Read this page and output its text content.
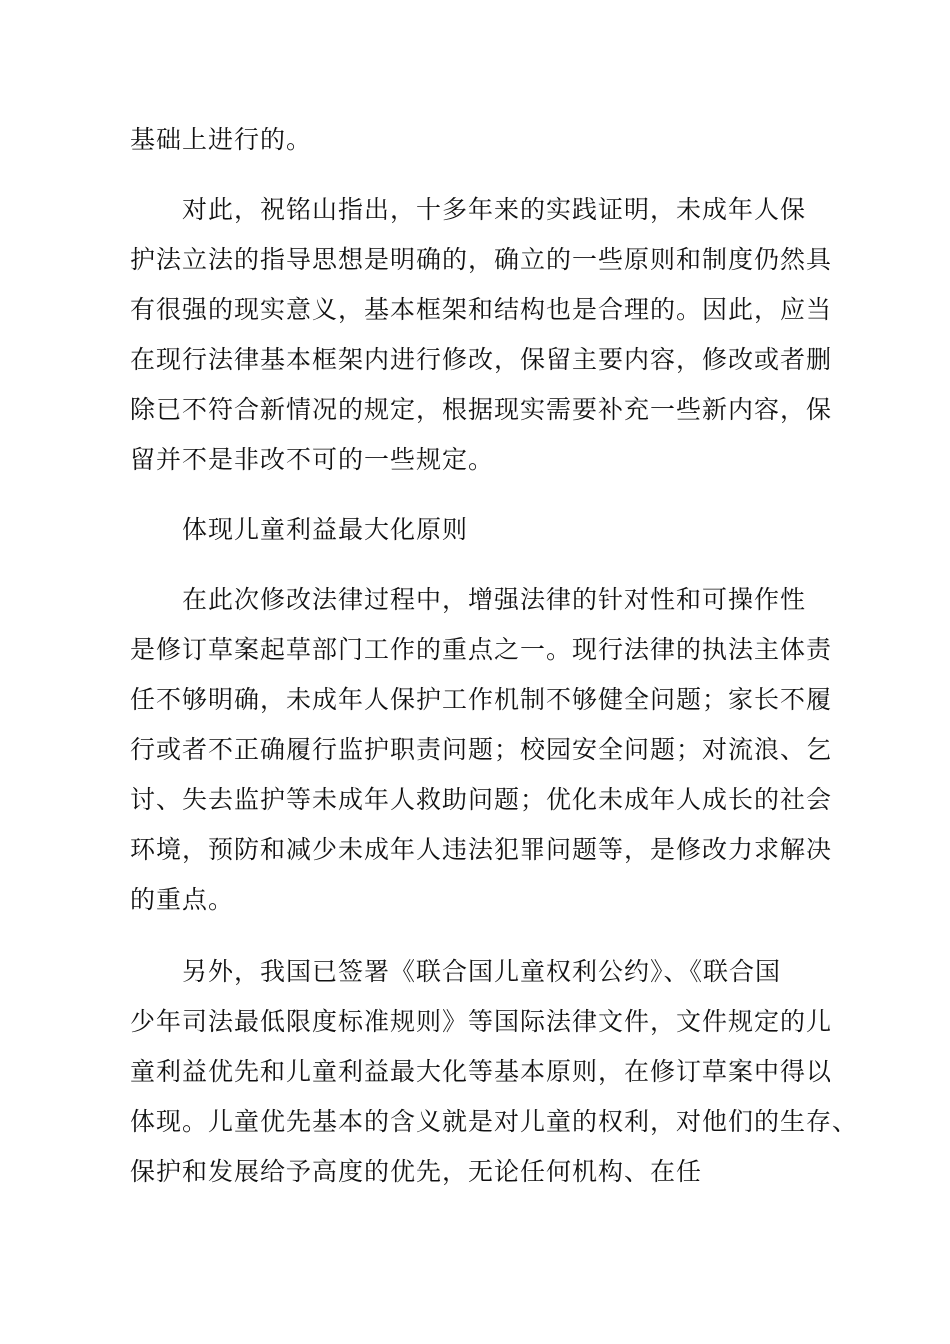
基础上进行的。
对此，祝铭山指出，十多年来的实践证明，未成年人保
护法立法的指导思想是明确的，确立的一些原则和制度仍然具
有很强的现实意义，基本框架和结构也是合理的。因此，应当
在现行法律基本框架内进行修改，保留主要内容，修改或者删
除已不符合新情况的规定，根据现实需要补充一些新内容，保
留并不是非改不可的一些规定。
体现儿童利益最大化原则
在此次修改法律过程中，增强法律的针对性和可操作性
是修订草案起草部门工作的重点之一。现行法律的执法主体责
任不够明确，未成年人保护工作机制不够健全问题；家长不履
行或者不正确履行监护职责问题；校园安全问题；对流浪、乞
讨、失去监护等未成年人救助问题；优化未成年人成长的社会
环境，预防和减少未成年人违法犯罪问题等，是修改力求解决
的重点。
另外，我国已签署《联合国儿童权利公约》、《联合国
少年司法最低限度标准规则》等国际法律文件，文件规定的儿
童利益优先和儿童利益最大化等基本原则，在修订草案中得以
体现。儿童优先基本的含义就是对儿童的权利，对他们的生存、
保护和发展给予高度的优先，无论任何机构、在任
